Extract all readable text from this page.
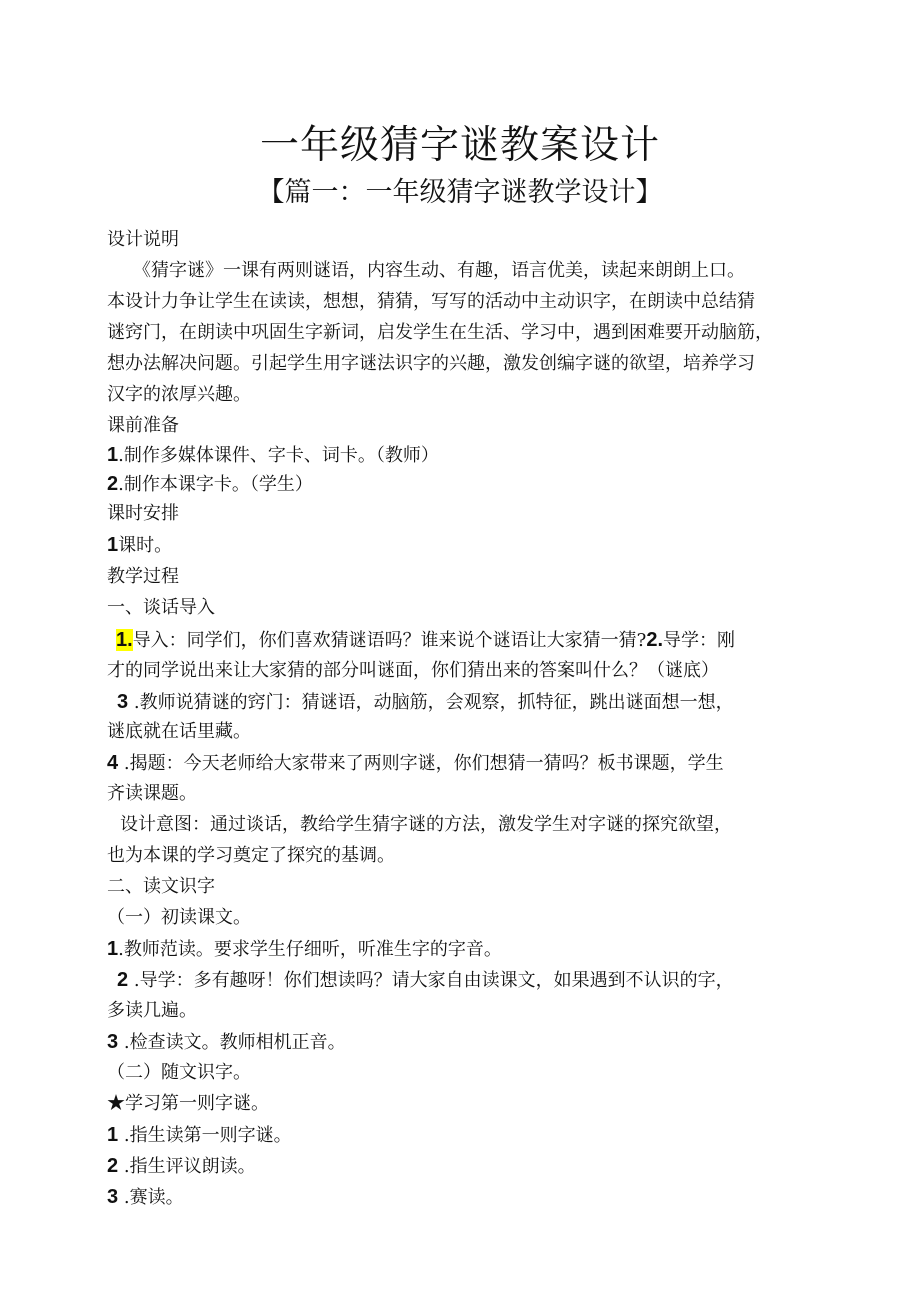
一年级猜字谜教案设计
【篇一：一年级猜字谜教学设计】
设计说明
《猜字谜》一课有两则谜语，内容生动、有趣，语言优美，读起来朗朗上口。
本设计力争让学生在读读，想想，猜猜，写写的活动中主动识字，在朗读中总结猜
谜窍门，在朗读中巩固生字新词，启发学生在生活、学习中，遇到困难要开动脑筋，
想办法解决问题。引起学生用字谜法识字的兴趣，激发创编字谜的欲望，培养学习
汉字的浓厚兴趣。
课前准备
1.制作多媒体课件、字卡、词卡。（教师）
2.制作本课字卡。（学生）
课时安排
1课时。
教学过程
一、谈话导入
1.导入：同学们，你们喜欢猜谜语吗？谁来说个谜语让大家猜一猜?2.导学：刚
才的同学说出来让大家猜的部分叫谜面，你们猜出来的答案叫什么？（谜底）
3 .教师说猜谜的窍门：猜谜语，动脑筋，会观察，抓特征，跳出谜面想一想，
谜底就在话里藏。
4 .揭题：今天老师给大家带来了两则字谜，你们想猜一猜吗？板书课题，学生
齐读课题。
设计意图：通过谈话，教给学生猜字谜的方法，激发学生对字谜的探究欲望，
也为本课的学习奠定了探究的基调。
二、读文识字
（一）初读课文。
1.教师范读。要求学生仔细听，听准生字的字音。
2 .导学：多有趣呀！你们想读吗？请大家自由读课文，如果遇到不认识的字，
多读几遍。
3 .检查读文。教师相机正音。
（二）随文识字。
★学习第一则字谜。
1 .指生读第一则字谜。
2 .指生评议朗读。
3 .赛读。
